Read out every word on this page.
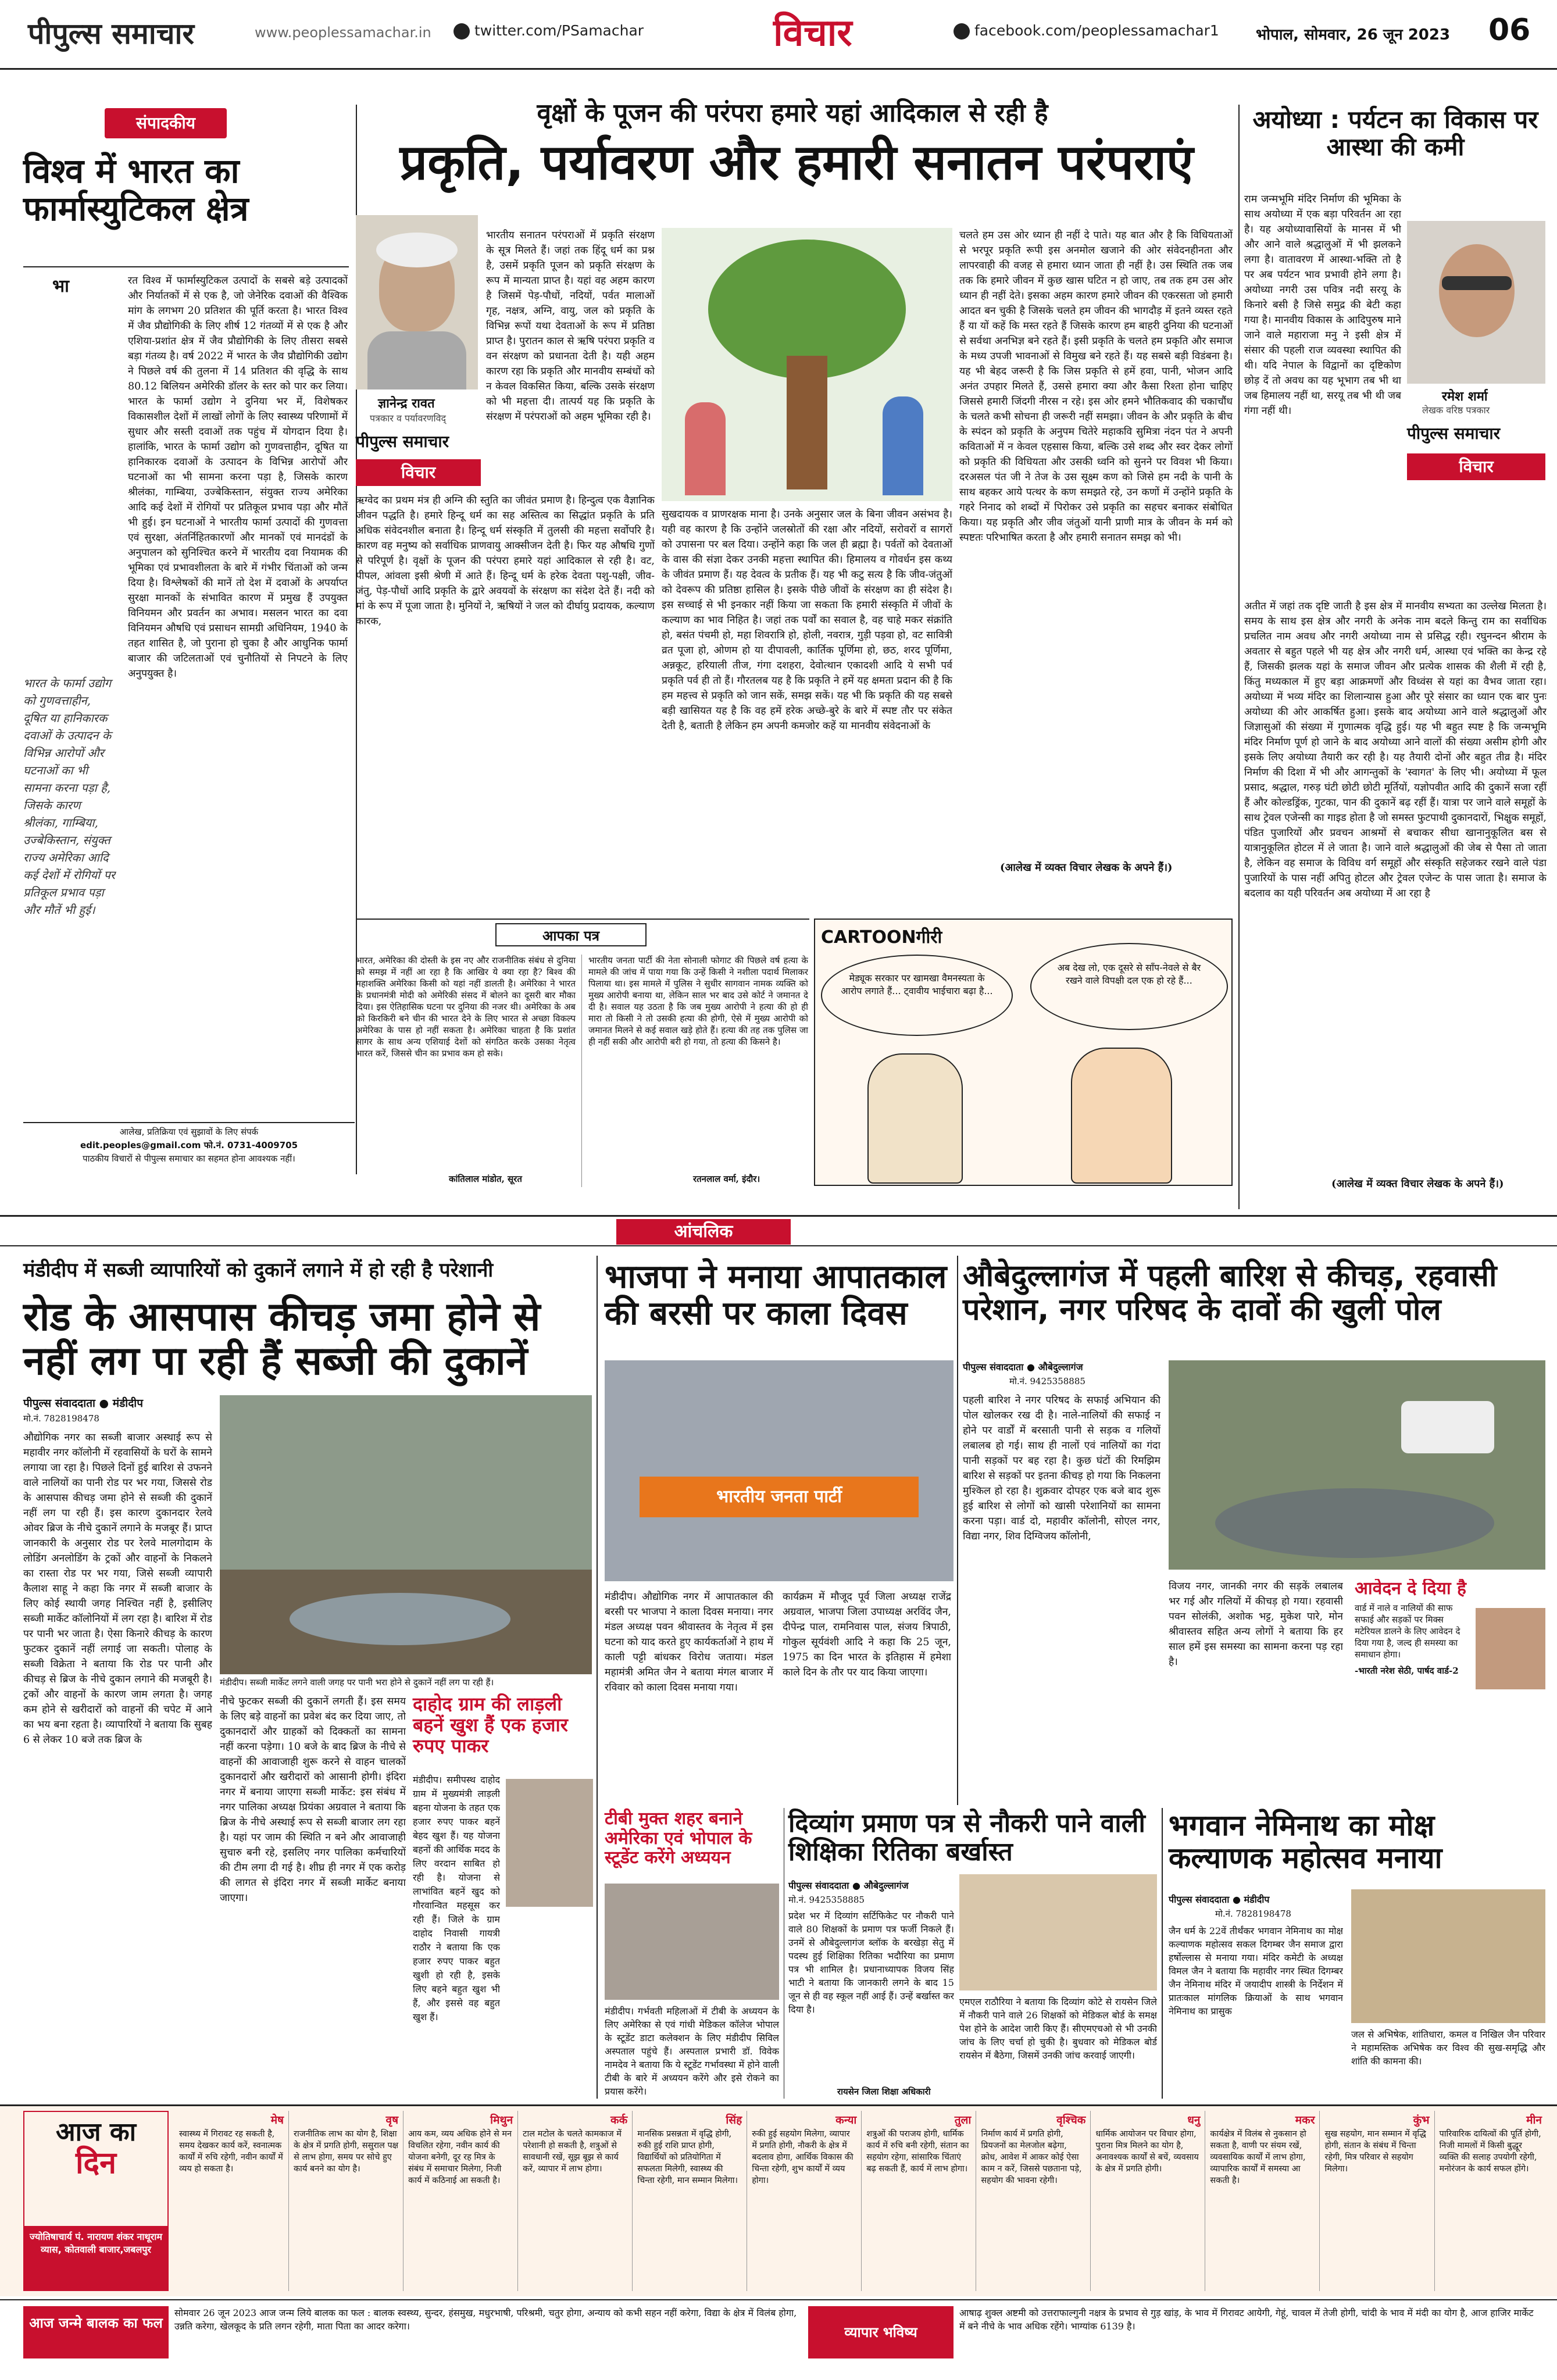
पीपुल्स समाचार	www.peoplessamachar.in	twitter.com/PSamachar	विचार	facebook.com/peoplessamachar1 भोपाल, सोमवार, 26 जून 2023 06
संपादकीय
विश्व में भारत का फार्मास्युटिकल क्षेत्र
भा	रत विश्व में फार्मास्युटिकल उत्पादों के सबसे बड़े उत्पादकों और निर्यातकों में से एक है, जो जेनेरिक दवाओं की वैश्विक मांग के लगभग 20 प्रतिशत की पूर्ति करता है। भारत विश्व में जैव प्रौद्योगिकी के लिए शीर्ष 12 गंतव्यों में से एक है और एशिया-प्रशांत क्षेत्र में जैव प्रौद्योगिकी के लिए तीसरा सबसे बड़ा गंतव्य है। वर्ष 2022 में भारत के जैव प्रौद्योगिकी उद्योग ने पिछले वर्ष की तुलना में 14 प्रतिशत की वृद्धि के साथ 80.12 बिलियन अमेरिकी डॉलर के स्तर को पार कर लिया। भारत के फार्मा उद्योग ने दुनिया भर में, विशेषकर विकासशील देशों में लाखों लोगों के लिए स्वास्थ्य परिणामों में सुधार और सस्ती दवाओं तक पहुंच में योगदान दिया है। हालांकि, भारत के फार्मा उद्योग को गुणवत्ताहीन, दूषित या हानिकारक दवाओं के उत्पादन के विभिन्न आरोपों और घटनाओं का भी सामना करना पड़ा है, जिसके कारण श्रीलंका, गाम्बिया, उज्बेकिस्तान, संयुक्त राज्य अमेरिका आदि कई देशों में रोगियों पर प्रतिकूल प्रभाव पड़ा और मौतें भी हुई। इन घटनाओं ने भारतीय फार्मा उत्पादों की गुणवत्ता एवं सुरक्षा, अंतर्निहितकारणों और मानकों एवं मानदंडों के अनुपालन को सुनिश्चित करने में भारतीय दवा नियामक की भूमिका एवं प्रभावशीलता के बारे में गंभीर चिंताओं को जन्म दिया है। विश्लेषकों की मानें तो देश में दवाओं के अपर्याप्त सुरक्षा मानकों के संभावित कारण में प्रमुख हैं उपयुक्त विनियमन और प्रवर्तन का अभाव। मसलन भारत का दवा विनियमन औषधि एवं प्रसाधन सामग्री अधिनियम, 1940 के तहत शासित है, जो पुराना हो चुका है और आधुनिक फार्मा बाजार की जटिलताओं एवं चुनौतियों से निपटने के लिए अनुपयुक्त है।
भारत के फार्मा उद्योग को गुणवत्ताहीन, दूषित या हानिकारक दवाओं के उत्पादन के विभिन्न आरोपों और घटनाओं का भी सामना करना पड़ा है, जिसके कारण श्रीलंका, गाम्बिया, उज्बेकिस्तान, संयुक्त राज्य अमेरिका आदि कई देशों में रोगियों पर प्रतिकूल प्रभाव पड़ा और मौतें भी हुई।
आलेख, प्रतिक्रिया एवं सुझावों के लिए संपर्क
edit.peoples@gmail.com फो.नं. 0731-4009705
पाठकीय विचारों से पीपुल्स समाचार का सहमत होना आवश्यक नहीं।
वृक्षों के पूजन की परंपरा हमारे यहां आदिकाल से रही है
प्रकृति, पर्यावरण और हमारी सनातन परंपराएं
ज्ञानेन्द्र रावत
पत्रकार व पर्यावरणविद्
पीपुल्स समाचार
विचार
भारतीय सनातन परंपराओं में प्रकृति संरक्षण के सूत्र मिलते हैं। जहां तक हिंदू धर्म का प्रश्न है, उसमें प्रकृति पूजन को प्रकृति संरक्षण के रूप में मान्यता प्राप्त है। यहां वह अहम कारण है जिसमें पेड़-पौधों, नदियों, पर्वत मालाओं गृह, नक्षत्र, अग्नि, वायु, जल को प्रकृति के विभिन्न रूपों यथा देवताओं के रूप में प्रतिष्ठा प्राप्त है। पुरातन काल से ऋषि परंपरा प्रकृति व वन संरक्षण को प्रधानता देती है। यही अहम कारण रहा कि प्रकृति और मानवीय सम्बंधों को न केवल विकसित किया, बल्कि उसके संरक्षण को भी महत्ता दी। तात्पर्य यह कि प्रकृति के संरक्षण में परंपराओं को अहम भूमिका रही है।
ऋग्वेद का प्रथम मंत्र ही अग्नि की स्तुति का जीवंत प्रमाण है। हिन्दुत्व एक वैज्ञानिक जीवन पद्धति है। हमारे हिन्दू धर्म का सह अस्तित्व का सिद्धांत प्रकृति के प्रति अधिक संवेदनशील बनाता है। हिन्दू धर्म संस्कृति में तुलसी की महत्ता सर्वोपरि है। कारण वह मनुष्य को सर्वाधिक प्राणवायु आक्सीजन देती है। फिर यह औषधि गुणों से परिपूर्ण है। वृक्षों के पूजन की परंपरा हमारे यहां आदिकाल से रही है। वट, पीपल, आंवला इसी श्रेणी में आते हैं। हिन्दू धर्म के हरेक देवता पशु-पक्षी, जीव-जंतु, पेड़-पौधों आदि प्रकृति के द्वारे अवयवों के संरक्षण का संदेश देते हैं। नदी को मां के रूप में पूजा जाता है। मुनियों ने, ऋषियों ने जल को दीर्घायु प्रदायक, कल्याण कारक,
सुखदायक व प्राणरक्षक माना है। उनके अनुसार जल के बिना जीवन असंभव है। यही वह कारण है कि उन्होंने जलस्रोतों की रक्षा और नदियों, सरोवरों व सागरों को उपासना पर बल दिया। उन्होंने कहा कि जल ही ब्रह्मा है। पर्वतों को देवताओं के वास की संज्ञा देकर उनकी महत्ता स्थापित की। हिमालय व गोवर्धन इस कथ्य के जीवंत प्रमाण हैं। यह देवत्व के प्रतीक हैं। यह भी कटु सत्य है कि जीव-जंतुओं को देवरूप की प्रतिष्ठा हासिल है। इसके पीछे जीवों के संरक्षण का ही संदेश है। इस सच्चाई से भी इनकार नहीं किया जा सकता कि हमारी संस्कृति में जीवों के कल्याण का भाव निहित है। जहां तक पर्वों का सवाल है, वह चाहे मकर संक्रांति हो, बसंत पंचमी हो, महा शिवरात्रि हो, होली, नवरात्र, गुड़ी पड़वा हो, वट सावित्री व्रत पूजा हो, ओणम हो या दीपावली, कार्तिक पूर्णिमा हो, छठ, शरद पूर्णिमा, अन्नकूट, हरियाली तीज, गंगा दशहरा, देवोत्थान एकादशी आदि ये सभी पर्व प्रकृति पर्व ही तो हैं। गौरतलब यह है कि प्रकृति ने हमें यह क्षमता प्रदान की है कि हम महत्त्व से प्रकृति को जान सकें, समझ सकें। यह भी कि प्रकृति की यह सबसे बड़ी खासियत यह है कि वह हमें हरेक अच्छे-बुरे के बारे में स्पष्ट तौर पर संकेत देती है, बताती है लेकिन हम अपनी कमजोर कहें या मानवीय संवेदनाओं के
चलते हम उस ओर ध्यान ही नहीं दे पाते। यह बात और है कि विधियताओं से भरपूर प्रकृति रूपी इस अनमोल खजाने की ओर संवेदनहीनता और लापरवाही की वजह से हमारा ध्यान जाता ही नहीं है। उस स्थिति तक जब तक कि हमारे जीवन में कुछ खास घटित न हो जाए, तब तक हम उस ओर ध्यान ही नहीं देते। इसका अहम कारण हमारे जीवन की एकरसता जो हमारी आदत बन चुकी है जिसके चलते हम जीवन की भागदौड़ में इतने व्यस्त रहते हैं या यों कहें कि मस्त रहते हैं जिसके कारण हम बाहरी दुनिया की घटनाओं से सर्वथा अनभिज्ञ बने रहते हैं। इसी प्रकृति के चलते हम प्रकृति और समाज के मध्य उपजी भावनाओं से विमुख बने रहते हैं। यह सबसे बड़ी विडंबना है। यह भी बेहद जरूरी है कि जिस प्रकृति से हमें हवा, पानी, भोजन आदि अनंत उपहार मिलते हैं, उससे हमारा क्या और कैसा रिश्ता होना चाहिए जिससे हमारी जिंदगी नीरस न रहे। इस ओर हमने भौतिकवाद की चकाचौंध के चलते कभी सोचना ही जरूरी नहीं समझा। जीवन के और प्रकृति के बीच के स्पंदन को प्रकृति के अनुपम चितेरे महाकवि सुमित्रा नंदन पंत ने अपनी कविताओं में न केवल एहसास किया, बल्कि उसे शब्द और स्वर देकर लोगों को प्रकृति की विधियता और उसकी ध्वनि को सुनने पर विवश भी किया। दरअसल पंत जी ने तेज के उस सूक्ष्म कण को जिसे हम नदी के पानी के साथ बहकर आये पत्थर के कण समझते रहे, उन कणों में उन्होंने प्रकृति के गहरे निनाद को शब्दों में पिरोकर उसे प्रकृति का सहचर बनाकर संबोधित किया। यह प्रकृति और जीव जंतुओं यानी प्राणी मात्र के जीवन के मर्म को स्पष्टतः परिभाषित करता है और हमारी सनातन समझ को भी।
(आलेख में व्यक्त विचार लेखक के अपने हैं।)
अयोध्या : पर्यटन का विकास पर आस्था की कमी
राम जन्मभूमि मंदिर निर्माण की भूमिका के साथ अयोध्या में एक बड़ा परिवर्तन आ रहा है। यह अयोध्यावासियों के मानस में भी और आने वाले श्रद्धालुओं में भी झलकने लगा है। वातावरण में आस्था-भक्ति तो है पर अब पर्यटन भाव प्रभावी होने लगा है। अयोध्या नगरी उस पवित्र नदी सरयू के किनारे बसी है जिसे समुद्र की बेटी कहा गया है। मानवीय विकास के आदिपुरुष माने जाने वाले महाराजा मनु ने इसी क्षेत्र में संसार की पहली राज व्यवस्था स्थापित की थी। यदि नेपाल के विद्वानों का दृष्टिकोण छोड़ दें तो अवध का यह भूभाग तब भी था जब हिमालय नहीं था, सरयू तब भी थी जब गंगा नहीं थी।
रमेश शर्मा
लेखक वरिष्ठ पत्रकार
पीपुल्स समाचार
विचार
अतीत में जहां तक दृष्टि जाती है इस क्षेत्र में मानवीय सभ्यता का उल्लेख मिलता है। समय के साथ इस क्षेत्र और नगरी के अनेक नाम बदले किन्तु राम का सर्वाधिक प्रचलित नाम अवध और नगरी अयोध्या नाम से प्रसिद्ध रही। रघुनन्दन श्रीराम के अवतार से बहुत पहले भी यह क्षेत्र और नगरी धर्म, आस्था एवं भक्ति का केन्द्र रहे हैं, जिसकी झलक यहां के समाज जीवन और प्रत्येक शासक की शैली में रही है, किंतु मध्यकाल में हुए बड़ा आक्रमणों और विध्वंस से यहां का वैभव जाता रहा। अयोध्या में भव्य मंदिर का शिलान्यास हुआ और पूरे संसार का ध्यान एक बार पुनः अयोध्या की ओर आकर्षित हुआ। इसके बाद अयोध्या आने वाले श्रद्धालुओं और जिज्ञासुओं की संख्या में गुणात्मक वृद्धि हुई। यह भी बहुत स्पष्ट है कि जन्मभूमि मंदिर निर्माण पूर्ण हो जाने के बाद अयोध्या आने वालों की संख्या असीम होगी और इसके लिए अयोध्या तैयारी कर रही है। यह तैयारी दोनों और बहुत तीव्र है। मंदिर निर्माण की दिशा में भी और आगन्तुकों के 'स्वागत' के लिए भी। अयोध्या में फूल प्रसाद, श्रद्धाल, गरुड़ घंटी छोटी छोटी मूर्तियों, यज्ञोपवीत आदि की दुकानें सजा रहीं हैं और कोल्डड्रिंक, गुटका, पान की दुकानें बढ़ रहीं हैं। यात्रा पर जाने वाले समूहों के साथ ट्रेवल एजेन्सी का गाइड होता है जो समस्त फुटपाथी दुकानदारों, भिक्षुक समूहों, पंडित पुजारियों और प्रवचन आश्रमों से बचाकर सीधा खानानुकूलित बस से यात्रानुकूलित होटल में ले जाता है। जाने वाले श्रद्धालुओं की जेब से पैसा तो जाता है, लेकिन वह समाज के विविध वर्ग समूहों और संस्कृति सहेजकर रखने वाले पंडा पुजारियों के पास नहीं अपितु होटल और ट्रेवल एजेन्ट के पास जाता है। समाज के बदलाव का यही परिवर्तन अब अयोध्या में आ रहा है
(आलेख में व्यक्त विचार लेखक के अपने हैं।)
आपका पत्र
भारत, अमेरिका की दोस्ती के इस नए और राजनीतिक संबंध से दुनिया को समझ में नहीं आ रहा है कि आखिर ये क्या रहा है? बिश्व की महाशक्ति अमेरिका किसी को यहां नहीं डालती है। अमेरिका ने भारत के प्रधानमंत्री मोदी को अमेरिकी संसद में बोलने का दूसरी बार मौका दिया। इस ऐतिहासिक घटना पर दुनिया की नजर थी। अमेरिका के अब को किरकिरी बने चीन की भारत देने के लिए भारत से अच्छा विकल्प अमेरिका के पास हो नहीं सकता है। अमेरिका चाहता है कि प्रशांत सागर के साथ अन्य एशियाई देशों को संगठित करके उसका नेतृत्व भारत करें, जिससे चीन का प्रभाव कम हो सके।
कांतिलाल मांडोत, सूरत
भारतीय जनता पार्टी की नेता सोनाली फोगाट की पिछले वर्ष हत्या के मामले की जांच में पाया गया कि उन्हें किसी ने नशीला पदार्थ मिलाकर पिलाया था। इस मामले में पुलिस ने सुधीर सागवान नामक व्यक्ति को मुख्य आरोपी बनाया था, लेकिन साल भर बाद उसे कोर्ट ने जमानत दे दी है। सवाल यह उठता है कि जब मुख्य आरोपी ने हत्या की हो ही मारा तो किसी ने तो उसकी हत्या की होगी, ऐसे में मुख्य आरोपी को जमानत मिलने से कई सवाल खड़े होते हैं। हत्या की तह तक पुलिस जा ही नहीं सकी और आरोपी बरी हो गया, तो हत्या की किसने है।
रतनलाल वर्मा, इंदौर।
CARTOONगीरी
मेड्यूक सरकार पर खामखा वैमनस्यता के आरोप लगाते हैं... ट्वावीय भाईचारा बढ़ा है...
अब देख लो, एक दूसरे से साँप-नेवले से बैर रखने वाले विपक्षी दल एक हो रहे हैं...
आंचलिक
मंडीदीप में सब्जी व्यापारियों को दुकानें लगाने में हो रही है परेशानी
रोड के आसपास कीचड़ जमा होने से नहीं लग पा रही हैं सब्जी की दुकानें
पीपुल्स संवाददाता ● मंडीदीप
मो.नं. 7828198478
औद्योगिक नगर का सब्जी बाजार अस्थाई रूप से महावीर नगर कॉलोनी में रहवासियों के घरों के सामने लगाया जा रहा है। पिछले दिनों हुई बारिश से उफनने वाले नालियों का पानी रोड पर भर गया, जिससे रोड के आसपास कीचड़ जमा होने से सब्जी की दुकानें नहीं लग पा रही हैं। इस कारण दुकानदार रेलवे ओवर ब्रिज के नीचे दुकानें लगाने के मजबूर हैं। प्राप्त जानकारी के अनुसार रोड पर रेलवे मालगोदाम के लोडिंग अनलोडिंग के ट्रकों और वाहनों के निकलने का रास्ता रोड पर भर गया, जिसे सब्जी व्यापारी कैलाश साहू ने कहा कि नगर में सब्जी बाजार के लिए कोई स्थायी जगह निश्चित नहीं है, इसीलिए सब्जी मार्केट कॉलोनियों में लग रहा है। बारिश में रोड पर पानी भर जाता है। ऐसा किनारे कीचड़ के कारण फुटकर दुकानें नहीं लगाई जा सकती। पोलाह के सब्जी विक्रेता ने बताया कि रोड पर पानी और कीचड़ से ब्रिज के नीचे दुकान लगाने की मजबूरी है। ट्रकों और वाहनों के कारण जाम लगता है। जगह कम होने से खरीदारों को वाहनों की चपेट में आने का भय बना रहता है। व्यापारियों ने बताया कि सुबह 6 से लेकर 10 बजे तक ब्रिज के
मंडीदीप। सब्जी मार्केट लगने वाली जगह पर पानी भरा होने से दुकानें नहीं लग पा रही हैं।
नीचे फुटकर सब्जी की दुकानें लगती हैं। इस समय के लिए बड़े वाहनों का प्रवेश बंद कर दिया जाए, तो दुकानदारों और ग्राहकों को दिक्कतों का सामना नहीं करना पड़ेगा। 10 बजे के बाद ब्रिज के नीचे से वाहनों की आवाजाही शुरू करने से वाहन चालकों दुकानदारों और खरीदारों को आसानी होगी। इंदिरा नगर में बनाया जाएगा सब्जी मार्केट: इस संबंध में नगर पालिका अध्यक्ष प्रियंका अग्रवाल ने बताया कि ब्रिज के नीचे अस्थाई रूप से सब्जी बाजार लग रहा है। यहां पर जाम की स्थिति न बने और आवाजाही सुचारु बनी रहे, इसलिए नगर पालिका कर्मचारियों की टीम लगा दी गई है। शीघ्र ही नगर में एक करोड़ की लागत से इंदिरा नगर में सब्जी मार्केट बनाया जाएगा।
दाहोद ग्राम की लाड़ली बहनें खुश हैं एक हजार रुपए पाकर
मंडीदीप। समीपस्थ दाहोद ग्राम में मुख्यमंत्री लाड़ली बहना योजना के तहत एक हजार रुपए पाकर बहनें बेहद खुश हैं। यह योजना बहनों की आर्थिक मदद के लिए वरदान साबित हो रही है। योजना से लाभांवित बहनें खुद को गौरवान्वित महसूस कर रही हैं। जिले के ग्राम दाहोद निवासी गायत्री राठौर ने बताया कि एक हजार रुपए पाकर बहुत खुशी हो रही है, इसके लिए बहने बहुत खुश भी हैं, और इससे वह बहुत खुश हैं।
भाजपा ने मनाया आपातकाल की बरसी पर काला दिवस
भारतीय जनता पार्टी
मंडीदीप। औद्योगिक नगर में आपातकाल की बरसी पर भाजपा ने काला दिवस मनाया। नगर मंडल अध्यक्ष पवन श्रीवास्तव के नेतृत्व में इस घटना को याद करते हुए कार्यकर्ताओं ने हाथ में काली पट्टी बांधकर विरोध जताया। मंडल महामंत्री अमित जैन ने बताया मंगल बाजार में रविवार को काला दिवस मनाया गया।
कार्यक्रम में मौजूद पूर्व जिला अध्यक्ष राजेंद्र अग्रवाल, भाजपा जिला उपाध्यक्ष अरविंद जैन, दीपेन्द्र पाल, रामनिवास पाल, संजय त्रिपाठी, गोकुल सूर्यवंशी आदि ने कहा कि 25 जून, 1975 का दिन भारत के इतिहास में हमेशा काले दिन के तौर पर याद किया जाएगा।
टीबी मुक्त शहर बनाने अमेरिका एवं भोपाल के स्टूडेंट करेंगे अध्ययन
मंडीदीप। गर्भवती महिलाओं में टीबी के अध्ययन के लिए अमेरिका से एवं गांधी मेडिकल कॉलेज भोपाल के स्टूडेंट डाटा कलेक्शन के लिए मंडीदीप सिविल अस्पताल पहुंचे हैं। अस्पताल प्रभारी डॉ. विवेक नामदेव ने बताया कि ये स्टूडेंट गर्भावस्था में होने वाली टीबी के बारे में अध्ययन करेंगे और इसे रोकने का प्रयास करेंगे।
दिव्यांग प्रमाण पत्र से नौकरी पाने वाली शिक्षिका रितिका बर्खास्त
पीपुल्स संवाददाता ● औबेदुल्लागंज
मो.नं. 9425358885
प्रदेश भर में दिव्यांग सर्टिफिकेट पर नौकरी पाने वाले 80 शिक्षकों के प्रमाण पत्र फर्जी निकले हैं। उनमें से औबेदुल्लागंज ब्लॉक के बरखेड़ा सेतु में पदस्थ हुई शिक्षिका रितिका भदौरिया का प्रमाण पत्र भी शामिल है। प्रधानाध्यापक विजय सिंह भाटी ने बताया कि जानकारी लगने के बाद 15 जून से ही वह स्कूल नहीं आई हैं। उन्हें बर्खास्त कर दिया है।
रायसेन जिला शिक्षा अधिकारी
एमएल राठौरिया ने बताया कि दिव्यांग कोटे से रायसेन जिले में नौकरी पाने वाले 26 शिक्षकों को मेडिकल बोर्ड के समक्ष पेश होने के आदेश जारी किए हैं। सीएमएचओ से भी उनकी जांच के लिए चर्चा हो चुकी है। बुधवार को मेडिकल बोर्ड रायसेन में बैठेगा, जिसमें उनकी जांच करवाई जाएगी।
औबेदुल्लागंज में पहली बारिश से कीचड़, रहवासी परेशान, नगर परिषद के दावों की खुली पोल
पीपुल्स संवाददाता ● औबेदुल्लागंज
मो.नं. 9425358885
पहली बारिश ने नगर परिषद के सफाई अभियान की पोल खोलकर रख दी है। नाले-नालियों की सफाई न होने पर वार्डों में बरसाती पानी से सड़क व गलियों लबालब हो गई। साथ ही नालों एवं नालियों का गंदा पानी सड़कों पर बह रहा है। कुछ घंटों की रिमझिम बारिश से सड़कों पर इतना कीचड़ हो गया कि निकलना मुश्किल हो रहा है। शुक्रवार दोपहर एक बजे बाद शुरू हुई बारिश से लोगों को खासी परेशानियों का सामना करना पड़ा। वार्ड दो, महावीर कॉलोनी, सोएल नगर, विद्या नगर, शिव दिग्विजय कॉलोनी,
विजय नगर, जानकी नगर की सड़कें लबालब भर गई और गलियों में कीचड़ हो गया। रहवासी पवन सोलंकी, अशोक भट्ट, मुकेश पारे, मोन श्रीवास्तव सहित अन्य लोगों ने बताया कि हर साल हमें इस समस्या का सामना करना पड़ रहा है।
आवेदन दे दिया है
वार्ड में नाले व नालियों की साफ सफाई और सड़कों पर मिक्स मटेरियल डालने के लिए आवेदन दे दिया गया है, जल्द ही समस्या का समाधान होगा।
-भारती नरेश सेठी, पार्षद वार्ड-2
भगवान नेमिनाथ का मोक्ष कल्याणक महोत्सव मनाया
पीपुल्स संवाददाता ● मंडीदीप
मो.नं. 7828198478
जैन धर्म के 22वें तीर्थंकर भगवान नेमिनाथ का मोक्ष कल्याणक महोत्सव सकल दिगम्बर जैन समाज द्वारा हर्षोल्लास से मनाया गया। मंदिर कमेटी के अध्यक्ष विमल जैन ने बताया कि महावीर नगर स्थित दिगम्बर जैन नेमिनाथ मंदिर में जयादीप शास्त्री के निर्देशन में प्रातःकाल मांगलिक क्रियाओं के साथ भगवान नेमिनाथ का प्रासुक
जल से अभिषेक, शांतिधारा, कमल व निखिल जैन परिवार ने महामस्तिक अभिषेक कर विश्व की सुख-समृद्धि और शांति की कामना की।
आज का
दिन
ज्योतिषाचार्य पं. नारायण शंकर नाथूराम व्यास, कोतवाली बाजार,जबलपुर
मेष
स्वास्थ्य में गिरावट रह सकती है, समय देखकर कार्य करें, स्वनात्मक कार्यों में रुचि रहेगी, नवीन कार्यों में व्यय हो सकता है।
वृष
राजनीतिक लाभ का योग है, शिक्षा के क्षेत्र में प्रगति होगी, ससुराल पक्ष से लाभ होगा, समय पर सोचे हुए कार्य बनने का योग है।
मिथुन
आय कम, व्यय अधिक होने से मन विचलित रहेगा, नवीन कार्य की योजना बनेगी, दूर रह मित्र के संबंध में समाचार मिलेगा, निजी कार्य में कठिनाई आ सकती है।
कर्क
टाल मटोल के चलते कामकाज में परेशानी हो सकती है, शत्रुओं से सावधानी रखें, सूझ बूझ से कार्य करें, व्यापार में लाभ होगा।
सिंह
मानसिक प्रसन्नता में वृद्धि होगी, रुकी हुई राशि प्राप्त होगी, विद्यार्थियों को प्रतियोगिता में सफलता मिलेगी, स्वास्थ्य की चिन्ता रहेगी, मान सम्मान मिलेगा।
कन्या
रुकी हुई सहयोग मिलेगा, व्यापार में प्रगति होगी, नौकरी के क्षेत्र में बदलाव होगा, आर्थिक विकास की चिन्ता रहेगी, शुभ कार्यों में व्यय होगा।
तुला
शत्रुओं की पराजय होगी, धार्मिक कार्य में रुचि बनी रहेगी, संतान का सहयोग रहेगा, सांसारिक चिंताएं बढ़ सकती हैं, कार्य में लाभ होगा।
वृश्चिक
निर्माण कार्य में प्रगति होगी, प्रियजनों का मेलजोल बढ़ेगा, क्रोध, आवेश में आकर कोई ऐसा काम न करें, जिससे पछताना पड़े, सहयोग की भावना रहेगी।
धनु
धार्मिक आयोजन पर विचार होगा, पुराना मित्र मिलने का योग है, अनावश्यक कार्यों से बचें, व्यवसाय के क्षेत्र में प्रगति होगी।
मकर
कार्यक्षेत्र में विलंब से नुकसान हो सकता है, वाणी पर संयम रखें, व्यवसायिक कार्यों में लाभ होगा, व्यापारिक कार्यों में समस्या आ सकती है।
कुंभ
सुख सहयोग, मान सम्मान में वृद्धि होगी, संतान के संबंध में चिन्ता रहेगी, मित्र परिवार से सहयोग मिलेगा।
मीन
पारिवारिक दायित्वों की पूर्ति होगी, निजी मामलों में किसी बुद्धूर व्यक्ति की सलाह उपयोगी रहेगी, मनोरंजन के कार्य सफल होंगे।
आज जन्मे बालक का फल
सोमवार 26 जून 2023 आज जन्म लिये बालक का फल : बालक स्वस्थ्य, सुन्दर, हंसमुख, मधुरभाषी, परिश्रमी, चतुर होगा, अन्याय को कभी सहन नहीं करेगा, विद्या के क्षेत्र में विलंब होगा, उन्नति करेगा, खेलकूद के प्रति लगन रहेगी, माता पिता का आदर करेगा।	व्यापार भविष्य
आषाढ़ शुक्ल अष्टमी को उत्तराफाल्गुनी नक्षत्र के प्रभाव से गुड़ खांड़, के भाव में गिरावट आयेगी, गेहूं, चावल में तेजी होगी, चांदी के भाव में मंदी का योग है, आज हाजिर मार्केट में बने नीचे के भाव अधिक रहेंगे। भाग्यांक 6139 है।
